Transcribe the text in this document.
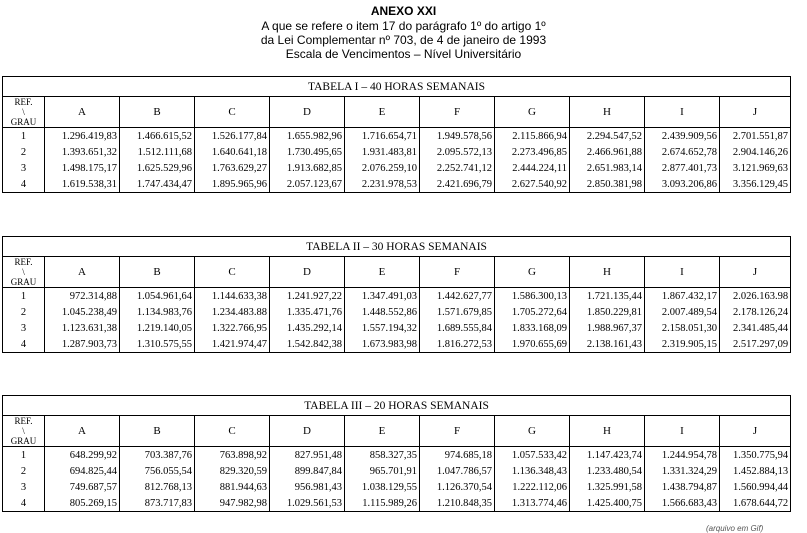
ANEXO XXI
A que se refere o item 17 do parágrafo 1º do artigo 1º
da Lei Complementar nº 703, de 4 de janeiro de 1993
Escala de Vencimentos – Nível Universitário
TABELA I – 40 HORAS SEMANAIS										

REF.
\
GRAU	A	B	C	D	E	F	G	H	I	J
1	1.296.419,83	1.466.615,52	1.526.177,84	1.655.982,96	1.716.654,71	1.949.578,56	2.115.866,94	2.294.547,52	2.439.909,56	2.701.551,87
2	1.393.651,32	1.512.111,68	1.640.641,18	1.730.495,65	1.931.483,81	2.095.572,13	2.273.496,85	2.466.961,88	2.674.652,78	2.904.146,26
3	1.498.175,17	1.625.529,96	1.763.629,27	1.913.682,85	2.076.259,10	2.252.741,12	2.444.224,11	2.651.983,14	2.877.401,73	3.121.969,63
4	1.619.538,31	1.747.434,47	1.895.965,96	2.057.123,67	2.231.978,53	2.421.696,79	2.627.540,92	2.850.381,98	3.093.206,86	3.356.129,45
TABELA II – 30 HORAS SEMANAIS										

REF.
\
GRAU	A	B	C	D	E	F	G	H	I	J
1	972.314,88	1.054.961,64	1.144.633,38	1.241.927,22	1.347.491,03	1.442.627,77	1.586.300,13	1.721.135,44	1.867.432,17	2.026.163.98
2	1.045.238,49	1.134.983,76	1.234.483.88	1.335.471,76	1.448.552,86	1.571.679,85	1.705.272,64	1.850.229,81	2.007.489,54	2.178.126,24
3	1.123.631,38	1.219.140,05	1.322.766,95	1.435.292,14	1.557.194,32	1.689.555,84	1.833.168,09	1.988.967,37	2.158.051,30	2.341.485,44
4	1.287.903,73	1.310.575,55	1.421.974,47	1.542.842,38	1.673.983,98	1.816.272,53	1.970.655,69	2.138.161,43	2.319.905,15	2.517.297,09
TABELA III – 20 HORAS SEMANAIS										

REF.
\
GRAU	A	B	C	D	E	F	G	H	I	J
1	648.299,92	703.387,76	763.898,92	827.951,48	858.327,35	974.685,18	1.057.533,42	1.147.423,74	1.244.954,78	1.350.775,94
2	694.825,44	756.055,54	829.320,59	899.847,84	965.701,91	1.047.786,57	1.136.348,43	1.233.480,54	1.331.324,29	1.452.884,13
3	749.687,57	812.768,13	881.944,63	956.981,43	1.038.129,55	1.126.370,54	1.222.112,06	1.325.991,58	1.438.794,87	1.560.994,44
4	805.269,15	873.717,83	947.982,98	1.029.561,53	1.115.989,26	1.210.848,35	1.313.774,46	1.425.400,75	1.566.683,43	1.678.644,72
(arquivo em Gif)
